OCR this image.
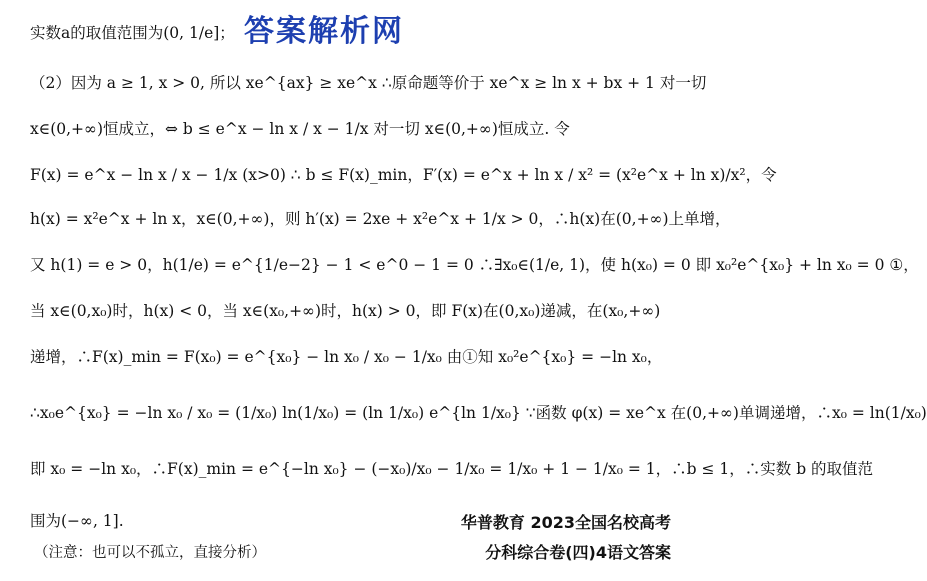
实数a的取值范围为(0, 1/e]； 答案解析网
（2）因为 a ≥ 1, x > 0, 所以 xe^{ax} ≥ xe^x ∴原命题等价于 xe^x ≥ ln x + bx + 1 对一切
x∈(0,+∞)恒成立，⇔ b ≤ e^x − ln x / x − 1/x 对一切 x∈(0,+∞)恒成立. 令
F(x) = e^x − ln x / x − 1/x (x>0) ∴ b ≤ F(x)_min，F′(x) = e^x + ln x / x² = (x²e^x + ln x)/x²，令
h(x) = x²e^x + ln x，x∈(0,+∞)，则 h′(x) = 2xe + x²e^x + 1/x > 0，∴h(x)在(0,+∞)上单增，
又 h(1) = e > 0，h(1/e) = e^{1/e−2} − 1 < e^0 − 1 = 0 ∴∃x₀∈(1/e, 1)，使 h(x₀) = 0 即 x₀²e^{x₀} + ln x₀ = 0 ①，
当 x∈(0,x₀)时，h(x) < 0，当 x∈(x₀,+∞)时，h(x) > 0，即 F(x)在(0,x₀)递减，在(x₀,+∞)
递增，∴F(x)_min = F(x₀) = e^{x₀} − ln x₀ / x₀ − 1/x₀ 由①知 x₀²e^{x₀} = −ln x₀，
∴x₀e^{x₀} = −ln x₀ / x₀ = (1/x₀) ln(1/x₀) = (ln 1/x₀) e^{ln 1/x₀} ∵函数 φ(x) = xe^x 在(0,+∞)单调递增，∴x₀ = ln(1/x₀)
即 x₀ = −ln x₀，∴F(x)_min = e^{−ln x₀} − (−x₀)/x₀ − 1/x₀ = 1/x₀ + 1 − 1/x₀ = 1，∴b ≤ 1，∴实数 b 的取值范
围为(−∞, 1].	华普教育 2023全国名校高考
分科综合卷(四)4语文答案
（注意：也可以不孤立，直接分析）
